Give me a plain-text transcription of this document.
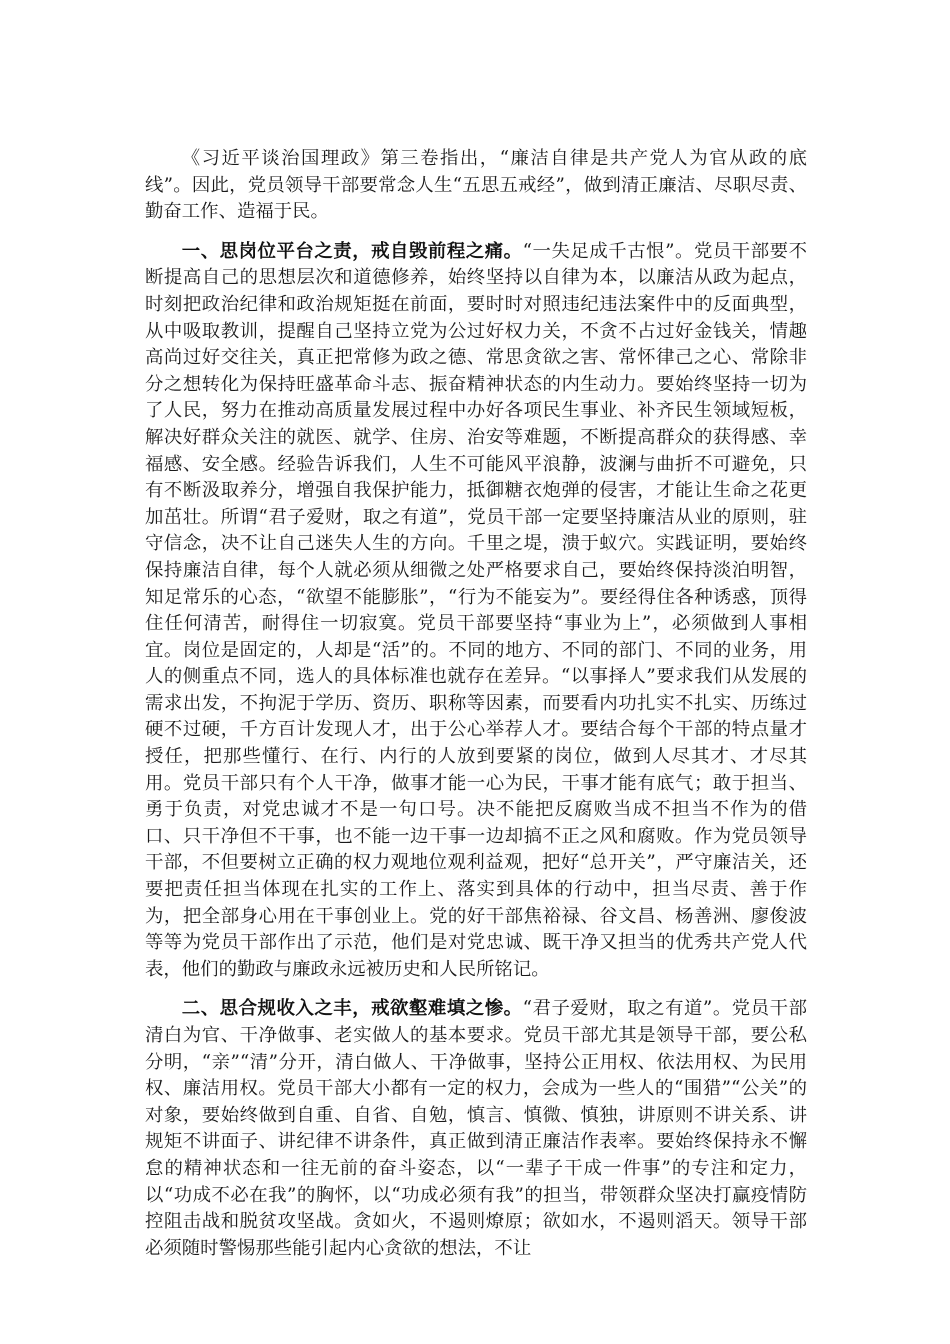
《习近平谈治国理政》第三卷指出，“廉洁自律是共产党人为官从政的底线”。因此，党员领导干部要常念人生“五思五戒经”，做到清正廉洁、尽职尽责、勤奋工作、造福于民。

一、思岗位平台之责，戒自毁前程之痛。“一失足成千古恨”。党员干部要不断提高自己的思想层次和道德修养，始终坚持以自律为本，以廉洁从政为起点，时刻把政治纪律和政治规矩挺在前面，要时时对照违纪违法案件中的反面典型，从中吸取教训，提醒自己坚持立党为公过好权力关，不贪不占过好金钱关，情趣高尚过好交往关，真正把常修为政之德、常思贪欲之害、常怀律己之心、常除非分之想转化为保持旺盛革命斗志、振奋精神状态的内生动力。要始终坚持一切为了人民，努力在推动高质量发展过程中办好各项民生事业、补齐民生领域短板，解决好群众关注的就医、就学、住房、治安等难题，不断提高群众的获得感、幸福感、安全感。经验告诉我们，人生不可能风平浪静，波澜与曲折不可避免，只有不断汲取养分，增强自我保护能力，抵御糖衣炮弹的侵害，才能让生命之花更加茁壮。所谓“君子爱财，取之有道”，党员干部一定要坚持廉洁从业的原则，驻守信念，决不让自己迷失人生的方向。千里之堤，溃于蚁穴。实践证明，要始终保持廉洁自律，每个人就必须从细微之处严格要求自己，要始终保持淡泊明智，知足常乐的心态，“欲望不能膨胀”，“行为不能妄为”。要经得住各种诱惑，顶得住任何清苦，耐得住一切寂寞。党员干部要坚持“事业为上”，必须做到人事相宜。岗位是固定的，人却是“活”的。不同的地方、不同的部门、不同的业务，用人的侧重点不同，选人的具体标准也就存在差异。“以事择人”要求我们从发展的需求出发，不拘泥于学历、资历、职称等因素，而要看内功扎实不扎实、历练过硬不过硬，千方百计发现人才，出于公心举荐人才。要结合每个干部的特点量才授任，把那些懂行、在行、内行的人放到要紧的岗位，做到人尽其才、才尽其用。党员干部只有个人干净，做事才能一心为民，干事才能有底气；敢于担当、勇于负责，对党忠诚才不是一句口号。决不能把反腐败当成不担当不作为的借口、只干净但不干事，也不能一边干事一边却搞不正之风和腐败。作为党员领导干部，不但要树立正确的权力观地位观利益观，把好“总开关”，严守廉洁关，还要把责任担当体现在扎实的工作上、落实到具体的行动中，担当尽责、善于作为，把全部身心用在干事创业上。党的好干部焦裕禄、谷文昌、杨善洲、廖俊波等等为党员干部作出了示范，他们是对党忠诚、既干净又担当的优秀共产党人代表，他们的勤政与廉政永远被历史和人民所铭记。

二、思合规收入之丰，戒欲壑难填之惨。“君子爱财，取之有道”。党员干部清白为官、干净做事、老实做人的基本要求。党员干部尤其是领导干部，要公私分明，“亲”“清”分开，清白做人、干净做事，坚持公正用权、依法用权、为民用权、廉洁用权。党员干部大小都有一定的权力，会成为一些人的“围猎”“公关”的对象，要始终做到自重、自省、自勉，慎言、慎微、慎独，讲原则不讲关系、讲规矩不讲面子、讲纪律不讲条件，真正做到清正廉洁作表率。要始终保持永不懈怠的精神状态和一往无前的奋斗姿态，以“一辈子干成一件事”的专注和定力，以“功成不必在我”的胸怀，以“功成必须有我”的担当，带领群众坚决打赢疫情防控阻击战和脱贫攻坚战。贪如火，不遏则燎原；欲如水，不遏则滔天。领导干部必须随时警惕那些能引起内心贪欲的想法，不让
